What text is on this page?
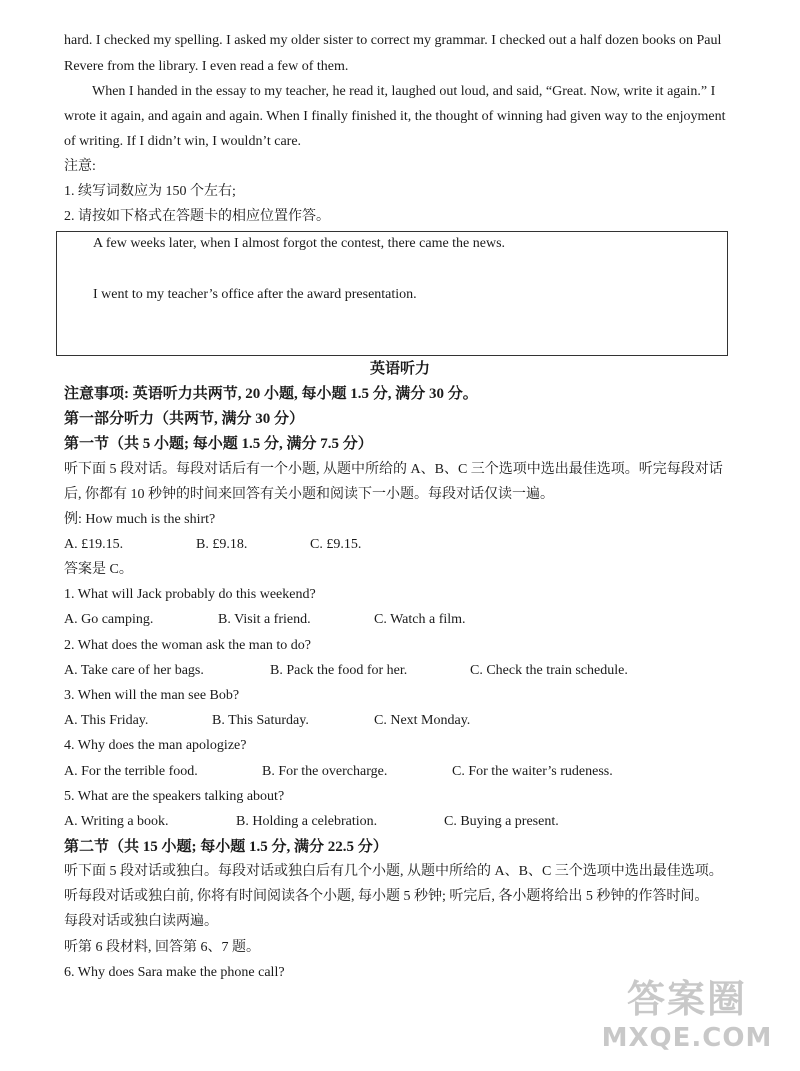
hard. I checked my spelling. I asked my older sister to correct my grammar. I checked out a half dozen books on Paul
Revere from the library. I even read a few of them.
When I handed in the essay to my teacher, he read it, laughed out loud, and said, “Great. Now, write it again.” I
wrote it again, and again and again. When I finally finished it, the thought of winning had given way to the enjoyment
of writing. If I didn’t win, I wouldn’t care.
注意:
1. 续写词数应为 150 个左右;
2. 请按如下格式在答题卡的相应位置作答。
A few weeks later, when I almost forgot the contest, there came the news.
I went to my teacher’s office after the award presentation.
英语听力
注意事项: 英语听力共两节, 20 小题, 每小题 1.5 分, 满分 30 分。
第一部分听力（共两节, 满分 30 分）
第一节（共 5 小题; 每小题 1.5 分, 满分 7.5 分）
听下面 5 段对话。每段对话后有一个小题, 从题中所给的 A、B、C 三个选项中选出最佳选项。听完每段对话
后, 你都有 10 秒钟的时间来回答有关小题和阅读下一小题。每段对话仅读一遍。
例: How much is the shirt?
A. £19.15.	B. £9.18.	C. £9.15.
答案是 C。
1. What will Jack probably do this weekend?
A. Go camping.	B. Visit a friend.	C. Watch a film.
2. What does the woman ask the man to do?
A. Take care of her bags.	B. Pack the food for her.	C. Check the train schedule.
3. When will the man see Bob?
A. This Friday.	B. This Saturday.	C. Next Monday.
4. Why does the man apologize?
A. For the terrible food.	B. For the overcharge.	C. For the waiter’s rudeness.
5. What are the speakers talking about?
A. Writing a book.	B. Holding a celebration.	C. Buying a present.
第二节（共 15 小题; 每小题 1.5 分, 满分 22.5 分）
听下面 5 段对话或独白。每段对话或独白后有几个小题, 从题中所给的 A、B、C 三个选项中选出最佳选项。
听每段对话或独白前, 你将有时间阅读各个小题, 每小题 5 秒钟; 听完后, 各小题将给出 5 秒钟的作答时间。
每段对话或独白读两遍。
听第 6 段材料, 回答第 6、7 题。
6. Why does Sara make the phone call?
答案圈
MXQE.COM
